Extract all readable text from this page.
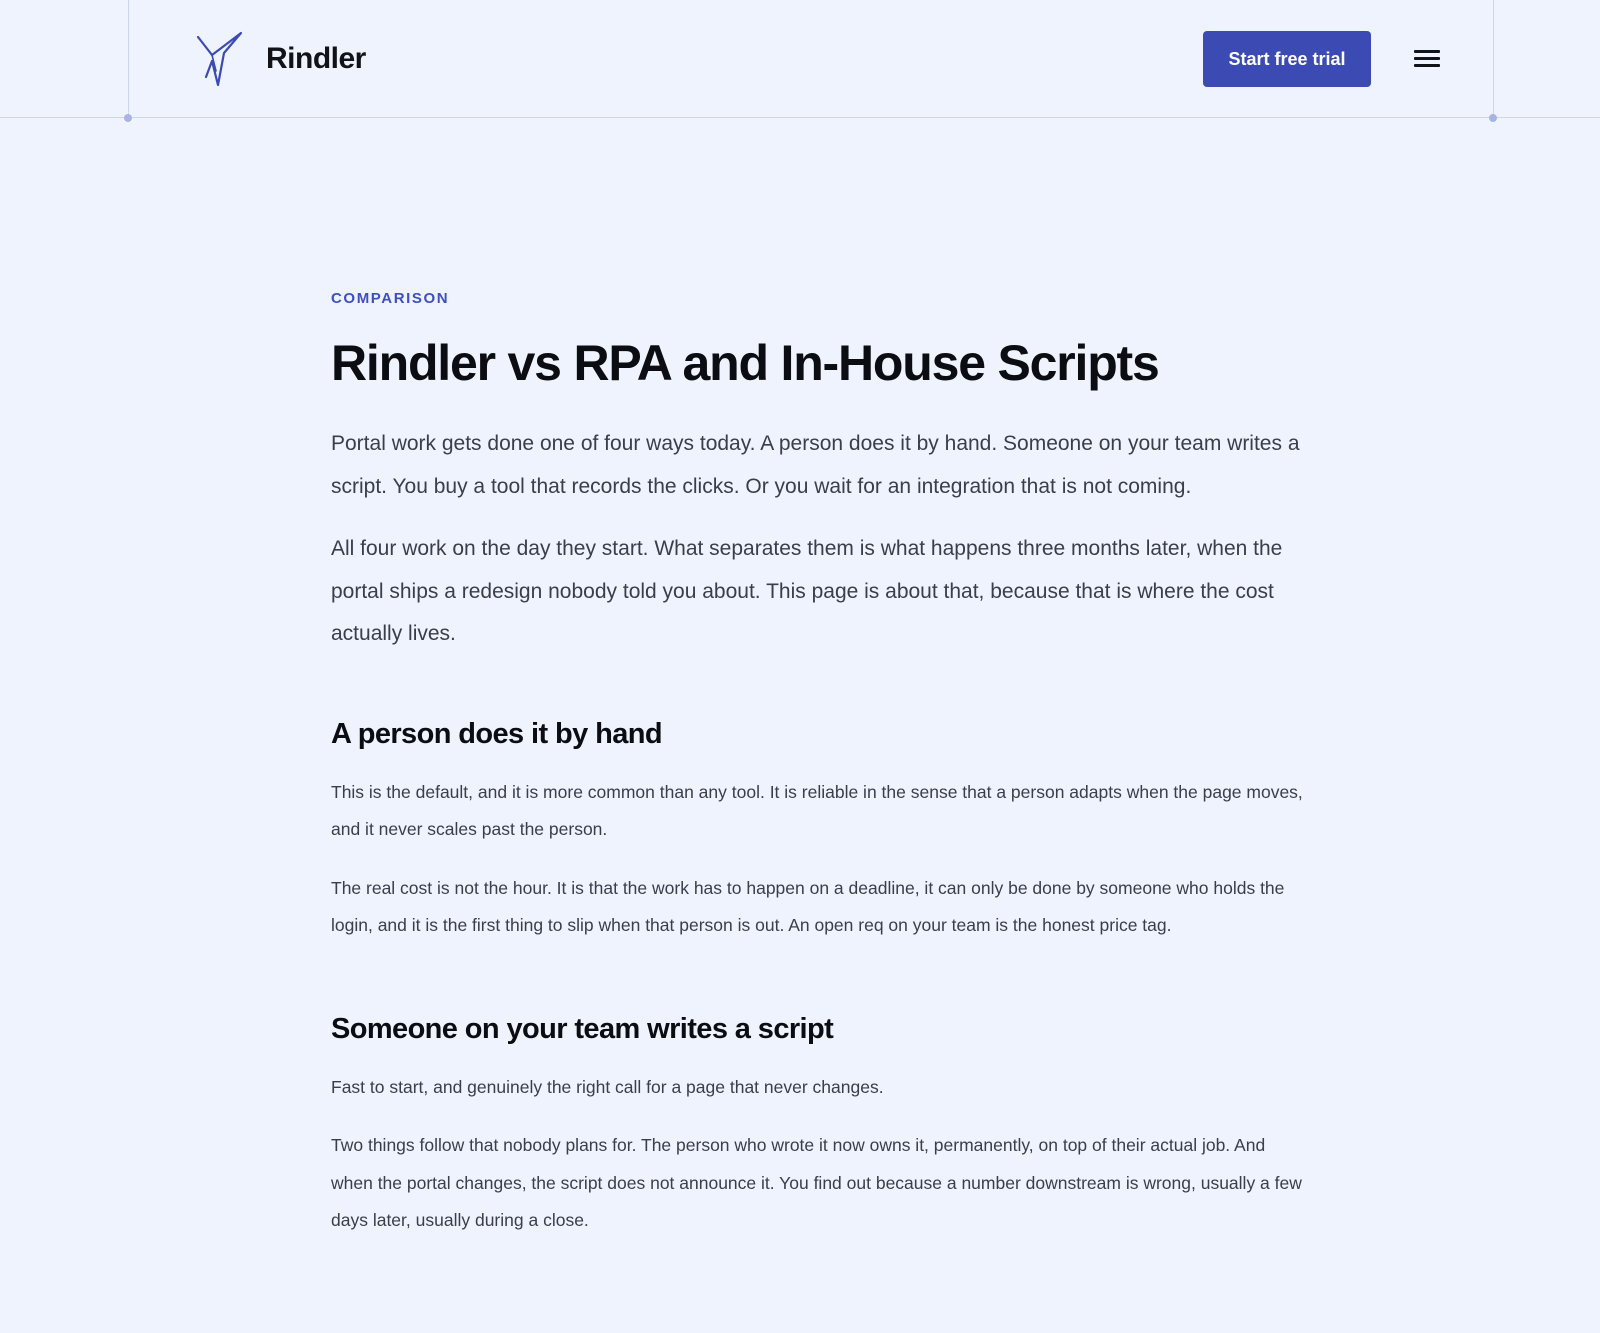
Rindler	Start free trial

COMPARISON

Rindler vs RPA and In-House Scripts

Portal work gets done one of four ways today. A person does it by hand. Someone on your team writes a script. You buy a tool that records the clicks. Or you wait for an integration that is not coming.

All four work on the day they start. What separates them is what happens three months later, when the portal ships a redesign nobody told you about. This page is about that, because that is where the cost actually lives.

A person does it by hand

This is the default, and it is more common than any tool. It is reliable in the sense that a person adapts when the page moves, and it never scales past the person.

The real cost is not the hour. It is that the work has to happen on a deadline, it can only be done by someone who holds the login, and it is the first thing to slip when that person is out. An open req on your team is the honest price tag.

Someone on your team writes a script

Fast to start, and genuinely the right call for a page that never changes.

Two things follow that nobody plans for. The person who wrote it now owns it, permanently, on top of their actual job. And when the portal changes, the script does not announce it. You find out because a number downstream is wrong, usually a few days later, usually during a close.
